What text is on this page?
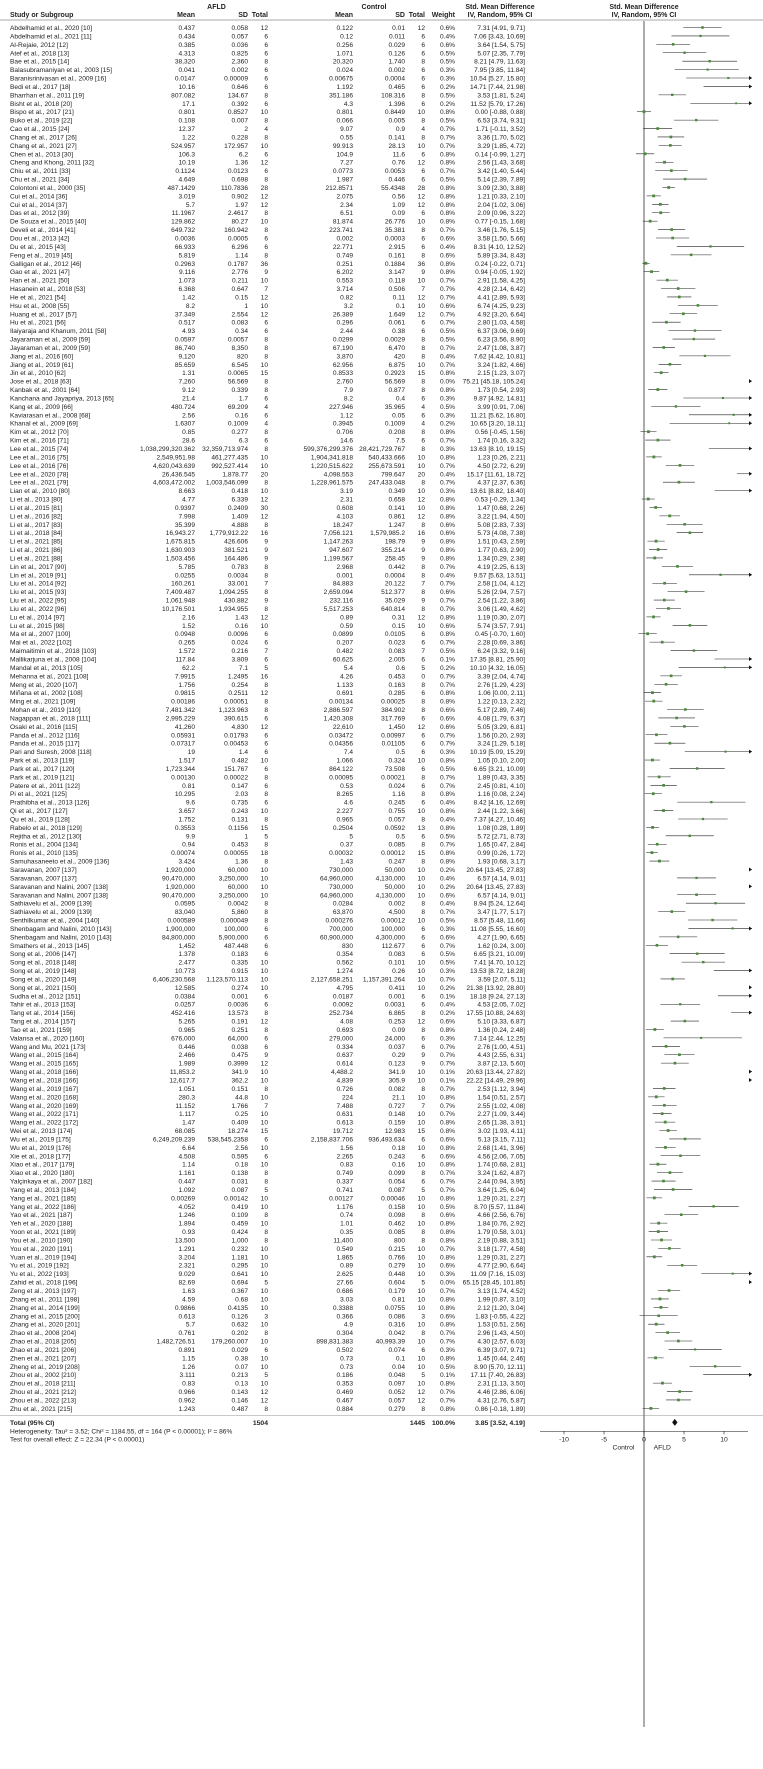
AFLD	Control	Std. Mean Difference
IV, Random, 95% CI
Std. Mean Difference
IV, Random, 95% CI
Study or Subgroup	Mean	SD Total	Mean	SD Total Weight
Abdelhamid et al., 2020 [10]	0.437	0.058 12	0.122	0.01 12 0.6%	7.31 [4.91, 9.71]
Abdelhamid et al., 2021 [11]	0.434	0.057 6	0.12	0.011 6 0.4%	7.06 [3.43, 10.69]
Al-Rejaie, 2012 [12]	0.385	0.036 6	0.256	0.029 6 0.6%	3.64 [1.54, 5.75]
Atef et al., 2018 [13]	4.313	0.825 6	1.071	0.126 6 0.5%	5.07 [2.35, 7.79]
Bae et al., 2015 [14]	38,320	2,360 8	20,320	1,740 8 0.5%	8.21 [4.79, 11.63]
Balasubramaniyan et al., 2003 [15]	0.041	0.002 6	0.024	0.002 6 0.3%	7.95 [3.85, 11.84]
Baranisrinivasan et al., 2009 [16]	0.0147	0.00009 6	0.00675	0.0004 6 0.3% 10.54 [5.27, 15.80]
Bedi et al., 2017 [18]	10.16	0.646 6	1.192	0.465 6 0.2% 14.71 [7.44, 21.98]
Bharrhan et al., 2011 [19]	807.082	134.67 8	351.186	108.316 8 0.5%	3.53 [1.81, 5.24]
Bisht et al., 2018 [20]	17.1	0.392 6	4.3	1.396 6 0.2% 11.52 [5.79, 17.26]
Bispo et al., 2017 [21]	0.801	0.8527 10	0.801	0.8449 10 0.8%	0.00 [-0.88, 0.88]
Buko et al., 2019 [22]	0.108	0.007 8	0.066	0.005 8 0.5%	6.53 [3.74, 9.31]
Cao et al., 2015 [24]	12.37	2 4	9.07	0.9 4 0.7%	1.71 [-0.11, 3.52]
Chang et al., 2017 [26]	1.22	0.228 8	0.55	0.141 8 0.7%	3.36 [1.70, 5.02]
Chang et al., 2021 [27]	524.957	172.957 10	99.913	28.13 10 0.7%	3.29 [1.85, 4.72]
Chen et al., 2013 [30]	106.3	6.2 6	104.9	11.6 6 0.8%	0.14 [-0.99, 1.27]
Cheng and Khong, 2011 [32]	10.19	1.36 12	7.27	0.76 12 0.8%	2.56 [1.43, 3.68]
Chiu et al., 2011 [33]	0.1124	0.0123 6	0.0773	0.0053 6 0.7%	3.42 [1.40, 5.44]
Chu et al., 2021 [34]	4.649	0.698 8	1.987	0.446 6 0.5%	5.14 [2.39, 7.89]
Colontoni et al., 2000 [35]	487.1429	110.7836 28	212.8571	55.4348 28 0.8%	3.09 [2.30, 3.88]
Cui et al., 2014 [36]	3.019	0.902 12	2.075	0.56 12 0.8%	1.21 [0.33, 2.10]
Cui et al., 2014 [37]	5.7	1.97 12	2.34	1.09 12 0.8%	2.04 [1.02, 3.06]
Das et al., 2012 [39]	11.1967	2.4617 8	6.51	0.09 6 0.8%	2.09 [0.96, 3.22]
De Souza et al., 2015 [40]	129.862	80.27 10	81.874	26.776 10 0.8%	0.77 [-0.15, 1.68]
Develi et al., 2014 [41]	649.732	160.942 8	223.741	35.381 8 0.7%	3.46 [1.76, 5.15]
Dou et al., 2013 [42]	0.0036	0.0005 6	0.002	0.0003 6 0.6%	3.58 [1.50, 5.66]
Du et al., 2015 [43]	66.933	6.296 6	22.771	2.915 6 0.4%	8.31 [4.10, 12.52]
Feng et al., 2019 [45]	5.819	1.14 8	0.749	0.161 8 0.6%	5.89 [3.34, 8.43]
Galligan et al., 2012 [46]	0.2963	0.1787 36	0.251	0.1884 36 0.8%	0.24 [-0.22, 0.71]
Gao et al., 2021 [47]	9.116	2.776 9	6.202	3.147 9 0.8%	0.94 [-0.05, 1.92]
Han et al., 2021 [50]	1.073	0.211 10	0.553	0.118 10 0.7%	2.91 [1.58, 4.25]
Hasanein et al., 2018 [53]	6.368	0.647 7	3.714	0.506 7 0.7%	4.28 [2.14, 6.42]
He et al., 2021 [54]	1.42	0.15 12	0.82	0.11 12 0.7%	4.41 [2.89, 5.93]
Hsu et al., 2008 [55]	8.2	1 10	3.2	0.1 10 0.6%	6.74 [4.25, 9.23]
Huang et al., 2017 [57]	37.349	2.554 12	26.389	1.649 12 0.7%	4.92 [3.20, 6.64]
Hu et al., 2021 [56]	0.517	0.083 6	0.296	0.061 6 0.7%	2.80 [1.03, 4.58]
Ilaiyaraja and Khanum, 2011 [58]	4.93	0.34 6	2.44	0.38 6 0.5%	6.37 [3.06, 9.69]
Jayaraman et al., 2009 [59]	0.0597	0.0057 8	0.0299	0.0029 8 0.5%	6.23 [3.56, 8.90]
Jayaraman et al., 2009 [59]	86,740	8,350 8	67,190	6,470 8 0.7%	2.47 [1.08, 3.87]
Jiang et al., 2016 [60]	9,120	820 8	3,870	420 8 0.4%	7.62 [4.42, 10.81]
Jiang et al., 2019 [61]	85.659	6.545 10	62.956	6.875 10 0.7%	3.24 [1.82, 4.66]
Jin et al., 2010 [62]	1.31	0.0065 15	0.8533	0.2923 15 0.8%	2.15 [1.23, 3.07]
Jose et al., 2018 [63]	7,260	56.569 8	2,760	56.569 8 0.0% 75.21 [45.18, 105.24]
Kanbak et al., 2001 [64]	9.12	0.339 8	7.9	0.877 8 0.8%	1.73 [0.54, 2.93]
Kanchana and Jayapriya, 2013 [65]	21.4	1.7 6	8.2	0.4 6 0.3%	9.87 [4.92, 14.81]
Kang et al., 2009 [66]	480.724	69.209 4	227.946	35.965 4 0.5%	3.99 [0.91, 7.06]
Kaviarasan et al., 2008 [68]	2.56	0.16 6	1.12	0.05 6 0.3% 11.21 [5.62, 16.80]
Khanal et al., 2009 [69]	1.6307	0.1009 4	0.3945	0.1009 4 0.2% 10.65 [3.20, 18.11]
Kim et al., 2012 [70]	0.85	0.277 8	0.706	0.208 8 0.8%	0.56 [-0.45, 1.56]
Kim et al., 2016 [71]	28.6	6.3 6	14.6	7.5 6 0.7%	1.74 [0.16, 3.32]
Lee et al., 2015 [74]	1,038,299,320.362 32,359,713.974 8	599,376,299.376 28,421,729.767 8 0.3% 13.63 [8.10, 19.15]
Lee et al., 2016 [75]	2,549,951.98 461,277.435 10	1,904,341.818 540,433.666 10 0.8%	1.23 [0.26, 2.21]
Lee et al., 2016 [76]	4,620,043.639 992,527.414 10	1,220,515.622 255,673.591 10 0.7%	4.50 [2.72, 6.29]
Lee et al., 2020 [78]	26,436.545	1,878.77 20	4,098.553	799.647 20 0.4% 15.17 [11.61, 18.72]
Lee et al., 2021 [79]	4,603,472.002 1,003,546.099 8	1,228,961.575 247,433.048 8 0.7%	4.37 [2.37, 6.36]
Lian et al., 2010 [80]	8.663	0.418 10	3.19	0.349 10 0.3% 13.61 [8.82, 18.40]
Li et al., 2013 [80]	4.77	6.339 12	2.31	0.658 12 0.8%	0.53 [-0.29, 1.34]
Li et al., 2015 [81]	0.9397	0.2409 30	0.608	0.141 10 0.8%	1.47 [0.68, 2.26]
Li et al., 2016 [82]	7.998	1.409 12	4.103	0.861 12 0.8%	3.22 [1.94, 4.50]
Li et al., 2017 [83]	35.399	4.888 8	18.247	1.247 8 0.6%	5.08 [2.83, 7.33]
Li et al., 2018 [84]	16,943.27 1,779,912.22 16	7,056.121	1,579,985.2 16 0.6%	5.73 [4.08, 7.38]
Li et al., 2021 [85]	1,675.815	426.606 9	1,147.263	198.79 9 0.8%	1.51 [0.43, 2.59]
Li et al., 2021 [86]	1,630.903	381.521 9	947.607	355.214 9 0.8%	1.77 [0.63, 2.90]
Li et al., 2021 [88]	1,503.456	164.486 9	1,199.567	258.45 9 0.8%	1.34 [0.29, 2.38]
Lin et al., 2017 [90]	5.785	0.783 8	2.968	0.442 8 0.7%	4.19 [2.25, 6.13]
Lin et al., 2019 [91]	0.0255	0.0034 8	0.001	0.0004 8 0.4%	9.57 [5.63, 13.51]
Liu et al., 2014 [92]	160.261	33.001 7	84.883	20.122 7 0.7%	2.58 [1.04, 4.12]
Liu et al., 2015 [93]	7,409.487	1,094.255 8	2,659.094	512.377 8 0.6%	5.26 [2.94, 7.57]
Liu et al., 2022 [95]	1,061.948	430.882 9	232.116	35.029 9 0.7%	2.54 [1.22, 3.86]
Liu et al., 2022 [96]	10,176.501	1,934.955 8	5,517.253	640.814 8 0.7%	3.06 [1.49, 4.62]
Lu et al., 2014 [97]	2.16	1.43 12	0.89	0.31 12 0.8%	1.19 [0.30, 2.07]
Lu et al., 2015 [98]	1.52	0.16 10	0.59	0.15 10 0.6%	5.74 [3.57, 7.91]
Ma et al., 2007 [100]	0.0948	0.0096 6	0.0899	0.0105 6 0.8%	0.45 [-0.70, 1.60]
Mai et al., 2022 [102]	0.265	0.024 6	0.207	0.023 6 0.7%	2.28 [0.69, 3.86]
Maimaitimin et al., 2018 [103]	1.572	0.216 7	0.482	0.083 7 0.5%	6.24 [3.32, 9.16]
Mallikarjuna et al., 2008 [104]	117.84	3.809 6	60.625	2.005 6 0.1% 17.35 [8.81, 25.90]
Mandal et al., 2013 [105]	62.2	7.1 5	5.4	0.6 5 0.2% 10.10 [4.32, 16.05]
Mehanna et al., 2021 [108]	7.9915	1.2495 16	4.26	0.453 0 0.7%	3.39 [2.04, 4.74]
Meng et al., 2020 [107]	1.756	0.254 8	1.133	0.163 8 0.7%	2.76 [1.29, 4.23]
Miñana et al., 2002 [108]	0.9815	0.2511 12	0.691	0.285 6 0.8%	1.06 [0.00, 2.11]
Ming et al., 2021 [109]	0.00186	0.00051 8	0.00134	0.00025 8 0.8%	1.22 [0.13, 2.32]
Mohan et al., 2019 [110]	7,481.342	1,123.963 8	2,886.597	384.902 8 0.6%	5.17 [2.89, 7.46]
Nagappan et al., 2018 [111]	2,995.229	390.615 6	1,420.308	317.769 6 0.6%	4.08 [1.79, 6.37]
Osaki et al., 2016 [115]	41,260	4,830 12	22,610	1,450 12 0.6%	5.05 [3.29, 6.81]
Panda et al., 2012 [116]	0.05931	0.01793 6	0.03472	0.00997 6 0.7%	1.56 [0.20, 2.93]
Panda et al., 2015 [117]	0.07317	0.00453 6	0.04356	0.01105 6 0.7%	3.24 [1.29, 5.18]
Pari and Suresh, 2008 [118]	19	1.4 6	7.4	0.5 6 0.3% 10.19 [5.09, 15.29]
Park et al., 2013 [119]	1.517	0.482 10	1.066	0.324 10 0.8%	1.05 [0.10, 2.00]
Park et al., 2017 [120]	1,723.344	151.767 6	864.122	73.508 6 0.5%	6.65 [3.21, 10.09]
Park et al., 2019 [121]	0.00130	0.00022 8	0.00095	0.00021 8 0.7%	1.89 [0.43, 3.35]
Patere et al., 2011 [122]	0.81	0.147 6	0.53	0.024 6 0.7%	2.45 [0.81, 4.10]
Pi et al., 2021 [125]	10.295	2.03 8	8.265	1.16 8 0.8%	1.16 [0.08, 2.24]
Prathibha et al., 2013 [126]	9.6	0.735 6	4.6	0.245 6 0.4%	8.42 [4.16, 12.69]
Qi et al., 2017 [127]	3.657	0.243 10	2.227	0.755 10 0.8%	2.44 [1.22, 3.66]
Qu et al., 2019 [128]	1.752	0.131 8	0.965	0.057 8 0.4%	7.37 [4.27, 10.46]
Rabelo et al., 2018 [129]	0.3553	0.1156 15	0.2504	0.0592 13 0.8%	1.08 [0.28, 1.89]
Rejitha et al., 2012 [130]	9.9	1 5	5	0.5 6 0.5%	5.72 [2.71, 8.73]
Ronis et al., 2004 [134]	0.94	0.453 8	0.37	0.085 8 0.7%	1.65 [0.47, 2.84]
Ronis et al., 2010 [135]	0.00074	0.00055 18	0.00032	0.00012 15 0.8%	0.99 [0.26, 1.72]
Samuhasaneeto et al., 2009 [136]	3.424	1.36 8	1.43	0.247 8 0.8%	1.93 [0.68, 3.17]
Saravanan, 2007 [137]	1,920,000	60,000 10	730,000	50,000 10 0.2% 20.64 [13.45, 27.83]
Saravanan, 2007 [137]	90,470,000	3,250,000 10	64,960,000	4,130,000 10 0.4%	6.57 [4.14, 9.01]
Saravanan and Nalini, 2007 [138]	1,920,000	60,000 10	730,000	50,000 10 0.2% 20.64 [13.45, 27.83]
Saravanan and Nalini, 2007 [138]	90,470,000	3,250,000 10	64,960,000	4,130,000 10 0.6%	6.57 [4.14, 9.01]
Sathiavelu et al., 2009 [139]	0.0595	0.0042 8	0.0284	0.002 8 0.4%	8.94 [5.24, 12.64]
Sathiavelu et al., 2009 [139]	83,040	5,860 8	63,870	4,500 8 0.7%	3.47 [1.77, 5.17]
Senthilkumar et al., 2004 [140]	0.000589	0.000049 8	0.000276	0.00012 10 0.5%	8.57 [5.48, 11.66]
Shenbagam and Nalini, 2010 [143]	1,900,000	100,000 6	700,000	100,000 6 0.3% 11.08 [5.55, 16.60]
Shenbagam and Nalini, 2010 [143]	84,800,000	5,900,000 6	60,900,000	4,300,000 6 0.6%	4.27 [1.90, 6.65]
Smathers et al., 2013 [145]	1,452	487.448 6	830	112.677 6 0.7%	1.62 [0.24, 3.00]
Song et al., 2006 [147]	1.378	0.183 6	0.354	0.083 6 0.5%	6.65 [3.21, 10.09]
Song et al., 2018 [148]	2.477	0.335 10	0.562	0.101 10 0.5%	7.41 [4.70, 10.12]
Song et al., 2019 [148]	10.773	0.915 10	1.274	0.26 10 0.3% 13.53 [8.72, 18.28]
Song et al., 2020 [149]	6,406,230.568 1,123,570.113 10	2,127,658.251 1,157,391.264 10 0.7%	3.59 [2.07, 5.11]
Song et al., 2021 [150]	12.585	0.274 10	4.795	0.411 10 0.2% 21.38 [13.92, 28.80]
Sudha et al., 2012 [151]	0.0384	0.001 6	0.0187	0.001 6 0.1% 18.18 [9.24, 27.13]
Tahir et al., 2013 [153]	0.0257	0.0036 6	0.0092	0.0031 6 0.4%	4.53 [2.05, 7.02]
Tang et al., 2014 [156]	452.416	13.573 8	252.734	6.865 8 0.2% 17.55 [10.88, 24.63]
Tang et al., 2014 [157]	5.265	0.191 12	4.08	0.253 12 0.6%	5.10 [3.33, 6.87]
Tao et al., 2021 [159]	0.965	0.251 8	0.693	0.09 8 0.8%	1.36 [0.24, 2.48]
Valansa et al., 2020 [160]	676,000	64,000 6	279,000	24,000 6 0.3%	7.14 [2.44, 12.25]
Wang and Mu, 2021 [173]	0.446	0.038 6	0.334	0.037 6 0.7%	2.76 [1.00, 4.51]
Wang et al., 2015 [164]	2.466	0.475 9	0.637	0.29 9 0.7%	4.43 [2.55, 6.31]
Wang et al., 2015 [165]	1.989	0.3999 12	0.614	0.123 9 0.7%	3.87 [2.13, 5.60]
Wang et al., 2018 [166]	11,853.2	341.9 10	4,488.2	341.9 10 0.1% 20.63 [13.44, 27.82]
Wang et al., 2018 [166]	12,617.7	362.2 10	4,839	305.9 10 0.1% 22.22 [14.49, 29.96]
Wang et al., 2019 [167]	1.051	0.151 8	0.726	0.082 8 0.7%	2.53 [1.12, 3.94]
Wang et al., 2020 [168]	280.3	44.8 10	224	21.1 10 0.8%	1.54 [0.51, 2.57]
Wang et al., 2020 [169]	11.152	1.766 7	7.488	0.727 7 0.7%	2.55 [1.02, 4.08]
Wang et al., 2022 [171]	1.117	0.25 10	0.631	0.148 10 0.7%	2.27 [1.09, 3.44]
Wang et al., 2022 [172]	1.47	0.409 10	0.613	0.159 10 0.8%	2.65 [1.38, 3.91]
Wei et al., 2013 [174]	68.085	18.274 15	19.712	12.983 15 0.8%	3.02 [1.93, 4.11]
Wu et al., 2019 [175]	6,249,209.239 538,545.2358 6	2,158,837.706 936,493.634 6 0.6%	5.13 [3.15, 7.11]
Wu et al., 2019 [176]	6.64	2.56 10	1.56	0.18 10 0.8%	2.68 [1.41, 3.96]
Xie et al., 2018 [177]	4.508	0.595 6	2.265	0.243 6 0.6%	4.56 [2.06, 7.05]
Xiao et al., 2017 [179]	1.14	0.18 10	0.83	0.16 10 0.8%	1.74 [0.68, 2.81]
Xiao et al., 2020 [180]	1.161	0.138 8	0.749	0.099 8 0.7%	3.24 [1.62, 4.87]
Yalçinkaya et al., 2007 [182]	0.447	0.031 8	0.337	0.054 6 0.7%	2.44 [0.94, 3.95]
Yang et al., 2013 [184]	1.092	0.087 5	0.741	0.087 5 0.7%	3.64 [1.25, 6.04]
Yang et al., 2021 [185]	0.00269	0.00142 10	0.00127	0.00046 10 0.8%	1.29 [0.31, 2.27]
Yang et al., 2022 [186]	4.052	0.419 10	1.176	0.158 10 0.5%	8.70 [5.57, 11.84]
Yao et al., 2021 [187]	1.246	0.109 8	0.74	0.098 8 0.6%	4.66 [2.56, 6.76]
Yeh et al., 2020 [188]	1.894	0.459 10	1.01	0.462 10 0.8%	1.84 [0.76, 2.92]
Yoon et al., 2021 [189]	0.93	0.424 8	0.35	0.085 8 0.8%	1.79 [0.58, 3.01]
You et al., 2010 [190]	13,500	1,000 8	11,400	800 8 0.8%	2.19 [0.88, 3.51]
You et al., 2020 [191]	1.291	0.232 10	0.549	0.215 10 0.7%	3.18 [1.77, 4.58]
Yuan et al., 2019 [194]	3.204	1.181 10	1.865	0.766 10 0.8%	1.29 [0.31, 2.27]
Yu et al., 2019 [192]	2.321	0.295 10	0.89	0.279 10 0.6%	4.77 [2.90, 6.64]
Yu et al., 2022 [193]	9.029	0.641 10	2.625	0.448 10 0.3% 11.09 [7.16, 15.03]
Zahid et al., 2018 [196]	82.69	0.694 5	27.66	0.604 5 0.0% 65.15 [28.45, 101.85]
Zeng et al., 2013 [197]	1.63	0.367 10	0.686	0.179 10 0.7%	3.13 [1.74, 4.52]
Zhang et al., 2011 [198]	4.59	0.68 10	3.03	0.81 10 0.8%	1.99 [0.87, 3.10]
Zhang et al., 2014 [199]	0.9866	0.4135 10	0.3388	0.0755 10 0.8%	2.12 [1.20, 3.04]
Zhang et al., 2015 [200]	0.613	0.126 3	0.366	0.086 3 0.6%	1.83 [-0.55, 4.22]
Zhang et al., 2020 [201]	5.7	0.632 10	4.9	0.316 10 0.8%	1.53 [0.51, 2.56]
Zhao et al., 2008 [204]	0.761	0.202 8	0.304	0.042 8 0.7%	2.96 [1.43, 4.50]
Zhao et al., 2018 [205]	1,482,726.51 179,260.007 10	898,831.383	40,993.39 10 0.7%	4.30 [2.57, 6.03]
Zhao et al., 2021 [206]	0.891	0.029 6	0.502	0.074 6 0.3%	6.39 [3.07, 9.71]
Zhen et al., 2021 [207]	1.15	0.38 10	0.73	0.1 10 0.8%	1.45 [0.44, 2.46]
Zheng et al., 2019 [208]	1.26	0.07 10	0.73	0.04 10 0.5%	8.90 [5.70, 12.11]
Zhou et al., 2002 [210]	3.111	0.213 5	0.186	0.048 5 0.1% 17.11 [7.40, 26.83]
Zhou et al., 2018 [211]	0.83	0.13 10	0.353	0.097 10 0.8%	2.31 [1.13, 3.50]
Zhou et al., 2021 [212]	0.966	0.143 12	0.469	0.052 12 0.7%	4.46 [2.86, 6.06]
Zhou et al., 2022 [213]	0.962	0.146 12	0.467	0.057 12 0.7%	4.31 [2.76, 5.87]
Zhu et al., 2021 [215]	1.243	0.487 8	0.884	0.279 8 0.8%	0.86 [-0.18, 1.89]
Total (95% CI)	1504	1445 100.0%	3.85 [3.52, 4.19]
Heterogeneity: Tau² = 3.52; Chi² = 1184.55, df = 164 (P < 0.00001); I² = 86%
Test for overall effect: Z = 22.34 (P < 0.00001)	-10	-5	0	5	10
Control	AFLD
